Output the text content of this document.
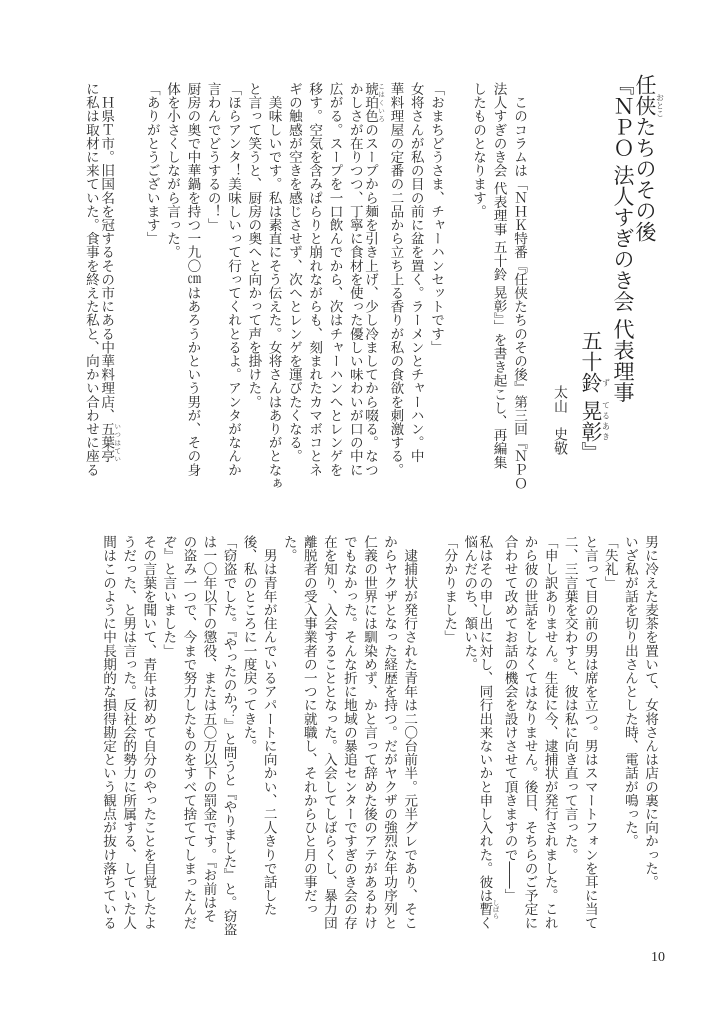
任侠おとこたちのその後
『ＮＰＯ 法人すぎのき会 代表理事
五十鈴ず 晃彰てるあき』
太山　史敬
　このコラムは「ＮＨＫ特番『任侠たちのその後』第三回『ＮＰＯ
法人すぎのき会 代表理事 五十鈴 晃彰』」を書き起こし、再編集
したものとなります。
「おまちどうさま、チャーハンセットです」
女将さんが私の目の前に盆を置く。ラーメンとチャーハン。中
華料理屋の定番の二品から立ち上る香りが私の食欲を刺激する。
琥珀色 こはくいろのスープから麺を引き上げ、少し冷ましてから啜る。なつ
かしさが在りつつ、丁寧に食材を使った優しい味わいが口の中に
広がる。スープを一口飲んでから、次はチャーハンへとレンゲを
移す。空気を含みぱらりと崩れながらも、刻まれたカマボコとネ
ギの触感が空きを感じさせず、次へとレンゲを運びたくなる。
　美味しいです。私は素直にそう伝えた。女将さんはありがとなぁ
と言って笑うと、厨房の奥へと向かって声を掛けた。
「ほらアンタ！美味しいって行ってくれとるよ。アンタがなんか
言わんでどうするの！」
厨房の奥で中華鍋を持つ一九〇㎝はあろうかという男が、その身
体を小さくしながら言った。
「ありがとうございます」
　Ｈ県Ｔ市。旧国名を冠するその市にある中華料理店、五葉亭 いつはてい
に私は取材に来ていた。食事を終えた私と、向かい合わせに座る
男に冷えた麦茶を置いて、女将さんは店の裏に向かった。
いざ私が話を切り出さんとした時、電話が鳴った。
「失礼」
と言って目の前の男は席を立つ。男はスマートフォンを耳に当て
二、三言葉を交わすと、彼は私に向き直って言った。
「申し訳ありません。生徒に今、逮捕状が発行されました。これ
から彼の世話をしなくてはなりません。後日、そちらのご予定に
合わせて改めてお話の機会を設けさせて頂きますので――」
私はその申し出に対し、同行出来ないかと申し入れた。彼は暫 しばらく
悩んだのち、頷いた。
「分かりました」
　逮捕状が発行された青年は二〇台前半。元半グレであり、そこ
からヤクザとなった経歴を持つ。だがヤクザの強烈な年功序列と
仁義の世界には馴染めず、かと言って辞めた後のアテがあるわけ
でもなかった。そんな折に地域の暴追センターですぎのき会の存
在を知り、入会することとなった。入会してしばらくし、暴力団
離脱者の受入事業者の一つに就職し、それからひと月の事だっ
た。
　男は青年が住んでいるアパートに向かい、二人きりで話した
後、私のところに一度戻ってきた。
「窃盗でした。『やったのか？』と問うと『やりました』と。窃盗
は一〇年以下の懲役、または五〇万以下の罰金です。『お前はそ
の盗み一つで、今まで努力したものをすべて捨ててしまったんだ
ぞ』と言いました」
その言葉を聞いて、青年は初めて自分のやったことを自覚したよ
うだった、と男は言った。反社会的勢力に所属する、していた人
間はこのように中長期的な損得勘定という観点が抜け落ちている
10
